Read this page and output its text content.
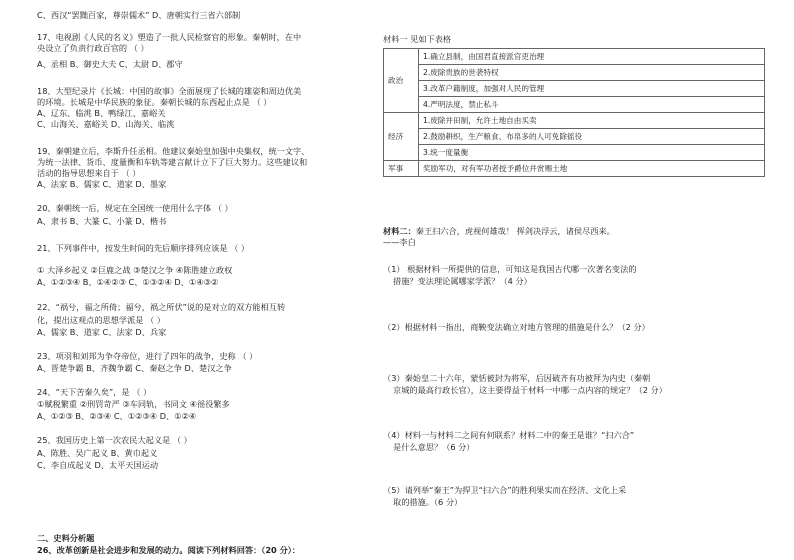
C、西汉“罢黜百家，尊崇儒术” D、唐朝实行三省六部制
17、电视剧《人民的名义》塑造了一批人民检察官的形象。秦朝时，在中
央设立了负责行政百官的 （ ）
A、丞相 B、御史大夫 C、太尉 D、郡守
18、大型纪录片《长城：中国的故事》全面展现了长城的雄姿和周边优美
的环境。长城是中华民族的象征。秦朝长城的东西起止点是 （ ）
A、辽东、临洮 B、鸭绿江、嘉峪关
C、山海关、嘉峪关 D、山海关、临洮
19、秦朝建立后，李斯升任丞相。他建议秦始皇加强中央集权，统一文字、
为统一法律、货币、度量衡和车轨等建言献计立下了巨大努力。这些建议和
活动的指导思想来自于 （ ）
A、法家 B、儒家 C、道家 D、墨家
20、秦朝统一后，规定在全国统一使用什么字体 （ ）
A、隶书 B、大篆 C、小篆 D、楷书
21、下列事件中，按发生时间的先后顺序排列应该是 （ ）
① 大泽乡起义 ②巨鹿之战 ③楚汉之争 ④陈胜建立政权
A、①②③④ B、①④②③ C、①③②④ D、①④③②
22、“祸兮，福之所倚；福兮，祸之所伏”说的是对立的双方能相互转
化，提出这观点的思想学派是 （ ）
A、儒家 B、道家 C、法家 D、兵家
23、项羽和刘邦为争夺帝位，进行了四年的战争，史称 （ ）
A、晋楚争霸 B、齐魏争霸 C、秦赵之争 D、楚汉之争
24、“天下苦秦久矣”，是 （ ）
①赋税繁重 ②刑罚苛严 ③车同轨，书同文 ④徭役繁多
A、①②③ B、②③④ C、①②③④ D、①②④
25、我国历史上第一次农民大起义是 （ ）
A、陈胜、吴广起义 B、黄巾起义
C、李自成起义 D、太平天国运动
二、史料分析题
26、改革创新是社会进步和发展的动力。阅读下列材料回答：（20 分）：
材料一 见如下表格
政治	1.确立县制，由国君直接派官吏治理
	2.废除贵族的世袭特权
	3.改革户籍制度，加强对人民的管理
	4.严明法度，禁止私斗
经济	1.废除井田制，允许土地自由买卖
	2.鼓励耕织，生产粮食、布帛多的人可免除徭役
	3.统一度量衡
军事	奖励军功，对有军功者授予爵位并赏赐土地
材料二：秦王扫六合，虎视何雄哉！ 挥剑决浮云，诸侯尽西来。
——李白
（1） 根据材料一所提供的信息，可知这是我国古代哪一次著名变法的
措施？变法理论属哪家学派？（4 分）
（2）根据材料一指出，商鞅变法确立对地方管理的措施是什么？（2 分）
（3）秦始皇二十六年，蒙恬被封为将军，后因破齐有功被拜为内史（秦朝
京城的最高行政长官），这主要得益于材料一中哪一点内容的规定？（2 分）
（4）材料一与材料二之间有何联系？材料二中的秦王是谁？“扫六合”
是什么意思？（6 分）
（5）请列举“秦王”为捍卫“扫六合”的胜利果实而在经济、文化上采
取的措施。（6 分）
